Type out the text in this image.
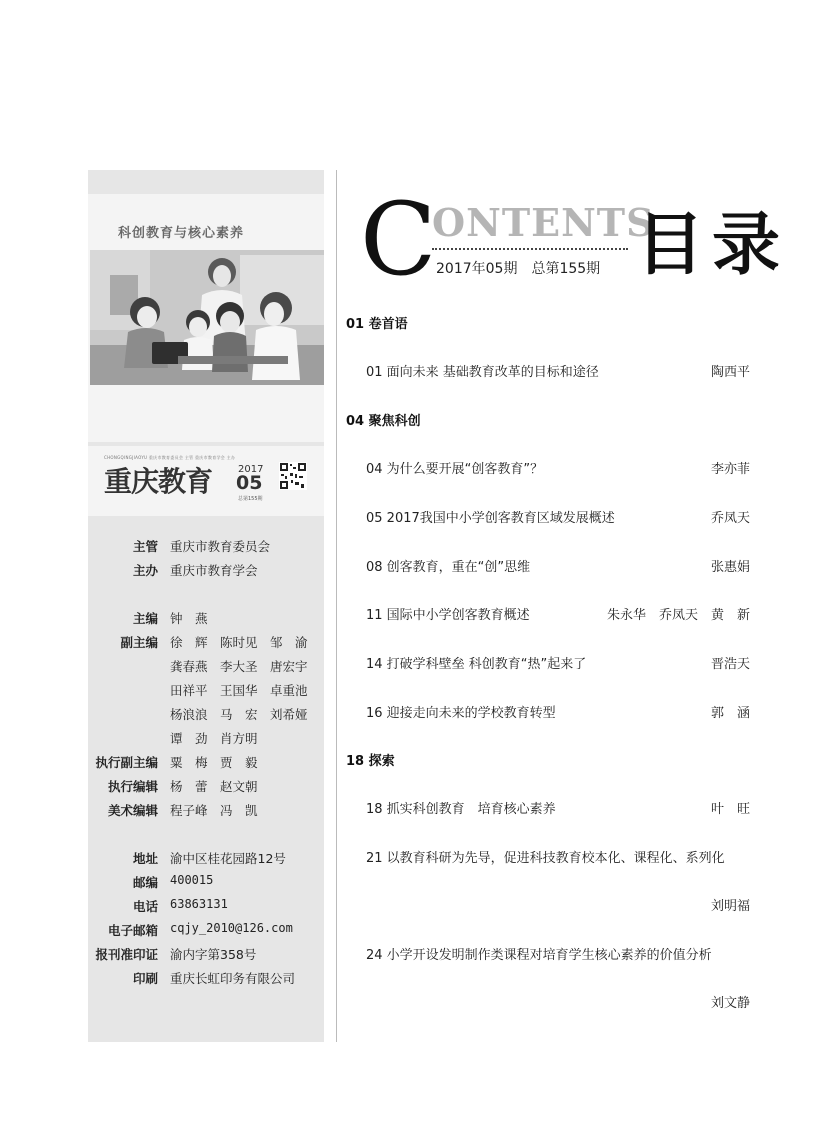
科创教育与核心素养
CHONGQINGJIAOYU 重庆市教育委员会 主管 重庆市教育学会 主办
重庆教育	2017
05
总第155期
主管 重庆市教育委员会
主办 重庆市教育学会
主编 钟　燕
副主编 徐　辉　陈时见　邹　渝
龚春燕　李大圣　唐宏宇
田祥平　王国华　卓重池
杨浪浪　马　宏　刘希娅
谭　劲　肖方明
执行副主编 粟　梅　贾　毅
执行编辑 杨　蕾　赵文朝
美术编辑 程子峰　冯　凯
地址 渝中区桂花园路12号
邮编 400015
电话 63863131
电子邮箱 cqjy_2010@126.com
报刊准印证 渝内字第358号
印刷 重庆长虹印务有限公司
C
ONTENTS
2017年05期　总第155期 目录
01 卷首语
04 聚焦科创
18 探索
01 面向未来 基础教育改革的目标和途径	陶西平
04 为什么要开展“创客教育”？	李亦菲
05 2017我国中小学创客教育区域发展概述	乔凤天
08 创客教育，重在“创”思维	张惠娟
11 国际中小学创客教育概述	朱永华　乔凤天　黄　新
14 打破学科壁垒 科创教育“热”起来了	晋浩天
16 迎接走向未来的学校教育转型	郭　涵
18 抓实科创教育　培育核心素养	叶　旺
21 以教育科研为先导，促进科技教育校本化、课程化、系列化
刘明福
24 小学开设发明制作类课程对培育学生核心素养的价值分析
刘文静
